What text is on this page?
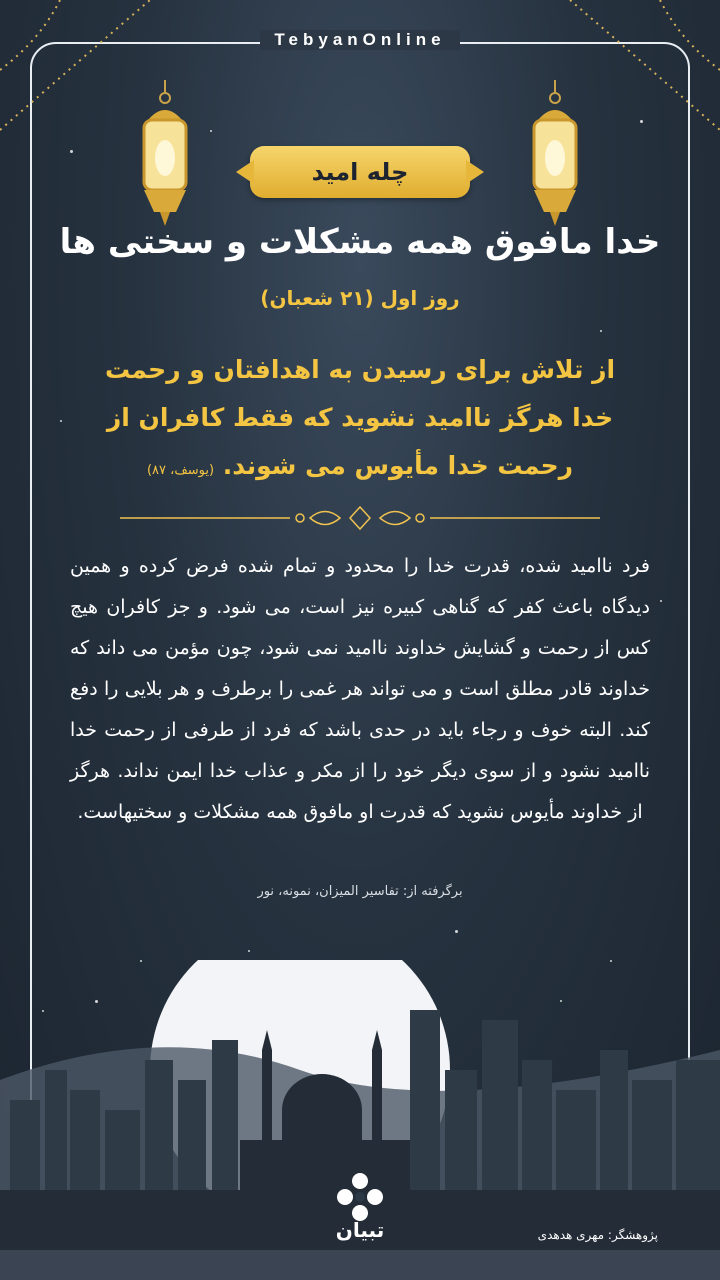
TebyanOnline
چله امید
خدا مافوق همه مشکلات و سختی ها
روز اول (۲۱ شعبان)
از تلاش برای رسیدن به اهدافتان و رحمت
خدا هرگز ناامید نشوید که فقط کافران از
رحمت خدا مأیوس می شوند. (یوسف، ۸۷)
فرد ناامید شده، قدرت خدا را محدود و تمام شده فرض کرده و همین دیدگاه باعث کفر که گناهی کبیره نیز است، می شود. و جز کافران هیچ کس از رحمت و گشایش خداوند ناامید نمی شود، چون مؤمن می داند که خداوند قادر مطلق است و می تواند هر غمی را برطرف و هر بلایی را دفع کند. البته خوف و رجاء باید در حدی باشد که فرد از طرفی از رحمت خدا ناامید نشود و از سوی دیگر خود را از مکر و عذاب خدا ایمن نداند. هرگز از خداوند مأیوس نشوید که قدرت او مافوق همه مشکلات و سختیهاست.
برگرفته از: تفاسیر المیزان، نمونه، نور
تبیان	پژوهشگر: مهری هدهدی
